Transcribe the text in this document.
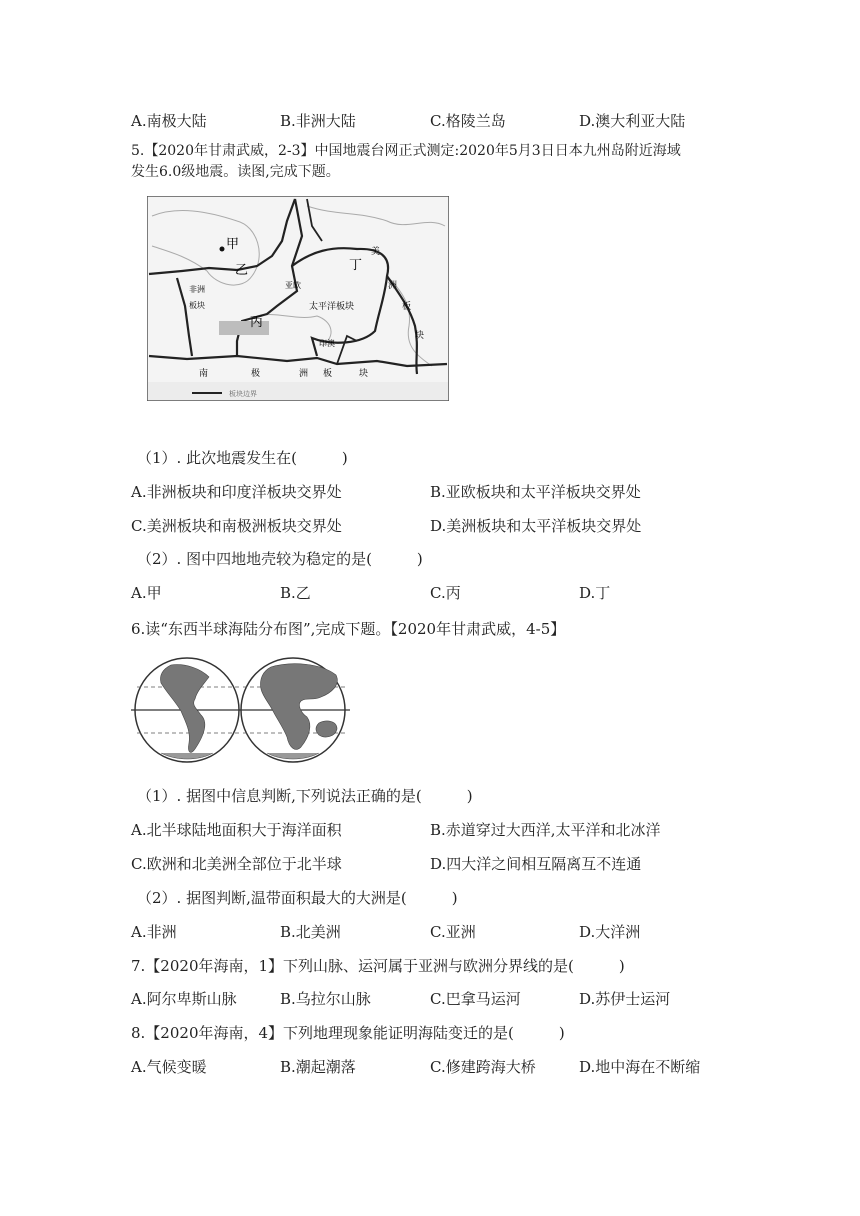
A.南极大陆	B.非洲大陆	C.格陵兰岛	D.澳大利亚大陆
5.【2020年甘肃武威，2-3】中国地震台网正式测定:2020年5月3日日本九州岛附近海域
发生6.0级地震。读图,完成下题。
甲
乙
丙
丁
美
洲
板
块
非洲
板块
亚欧
太平洋板块
印澳
南	极	洲 板	块
板块边界
（1）. 此次地震发生在(　　　)
A.非洲板块和印度洋板块交界处	B.亚欧板块和太平洋板块交界处
C.美洲板块和南极洲板块交界处	D.美洲板块和太平洋板块交界处
（2）. 图中四地地壳较为稳定的是(　　　)
A.甲	B.乙	C.丙	D.丁
6.读“东西半球海陆分布图”,完成下题。【2020年甘肃武威，4-5】
（1）. 据图中信息判断,下列说法正确的是(　　　)
A.北半球陆地面积大于海洋面积	B.赤道穿过大西洋,太平洋和北冰洋
C.欧洲和北美洲全部位于北半球	D.四大洋之间相互隔离互不连通
（2）. 据图判断,温带面积最大的大洲是(　　　)
A.非洲	B.北美洲	C.亚洲	D.大洋洲
7.【2020年海南，1】下列山脉、运河属于亚洲与欧洲分界线的是(　　　)
A.阿尔卑斯山脉	B.乌拉尔山脉	C.巴拿马运河	D.苏伊士运河
8.【2020年海南，4】下列地理现象能证明海陆变迁的是(　　　)
A.气候变暖	B.潮起潮落	C.修建跨海大桥	D.地中海在不断缩
